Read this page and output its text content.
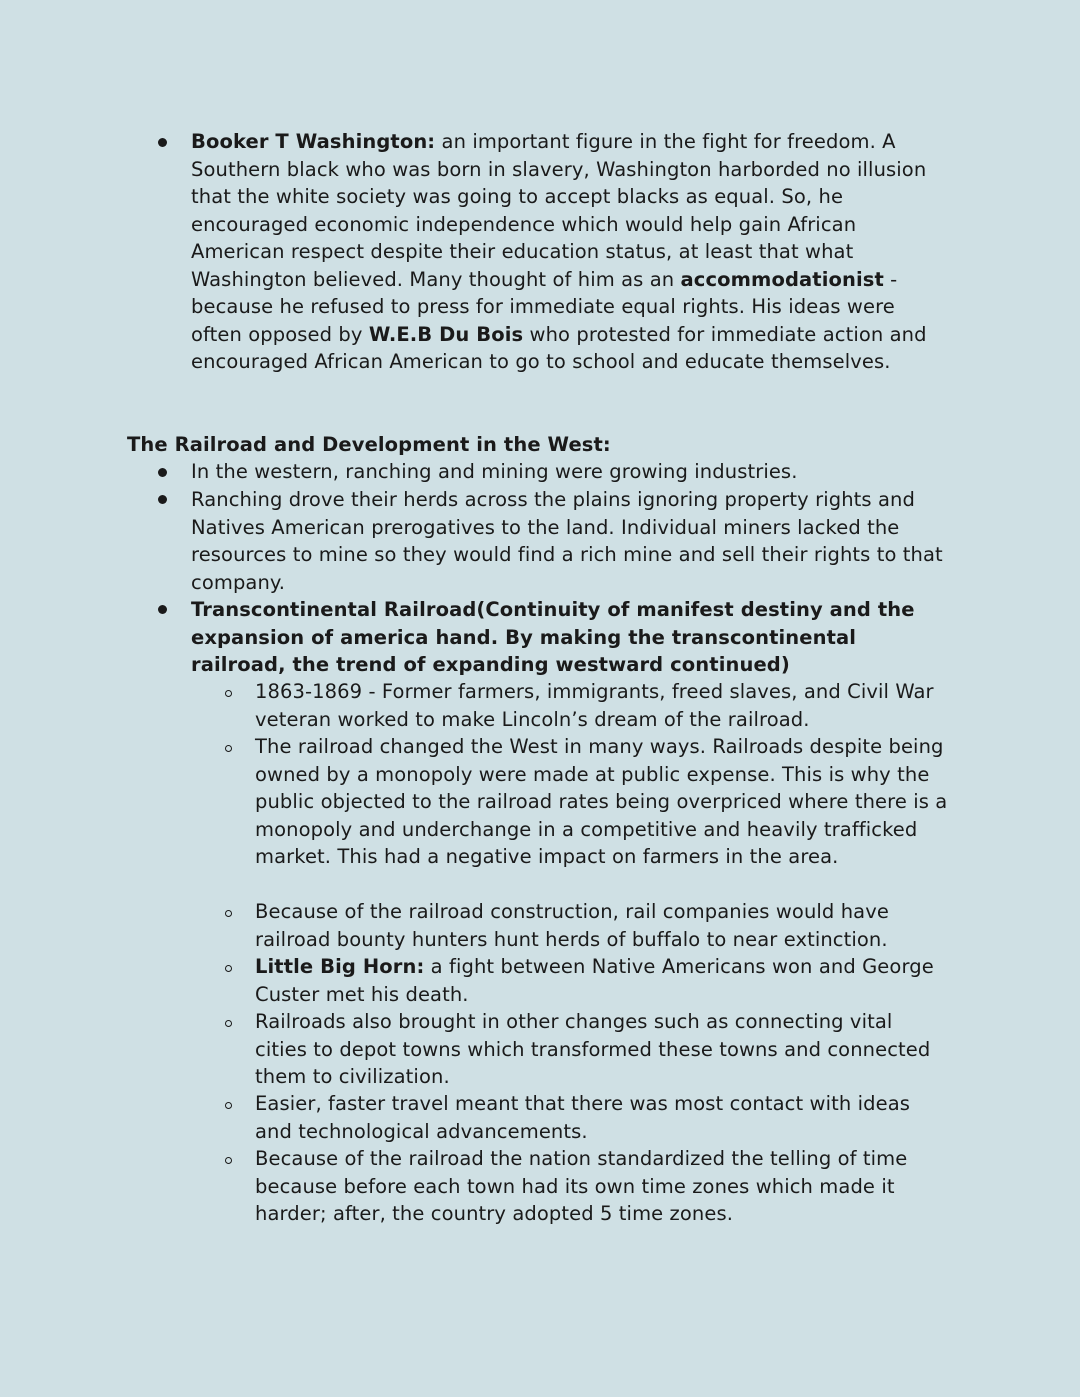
Booker T Washington: an important figure in the fight for freedom. A Southern black who was born in slavery, Washington harborded no illusion that the white society was going to accept blacks as equal. So, he encouraged economic independence which would help gain African American respect despite their education status, at least that what Washington believed. Many thought of him as an accommodationist - because he refused to press for immediate equal rights. His ideas were often opposed by W.E.B Du Bois who protested for immediate action and encouraged African American to go to school and educate themselves.
The Railroad and Development in the West:
In the western, ranching and mining were growing industries.
Ranching drove their herds across the plains ignoring property rights and Natives American prerogatives to the land. Individual miners lacked the resources to mine so they would find a rich mine and sell their rights to that company.
Transcontinental Railroad(Continuity of manifest destiny and the expansion of america hand. By making the transcontinental railroad, the trend of expanding westward continued)
1863-1869 - Former farmers, immigrants, freed slaves, and Civil War veteran worked to make Lincoln’s dream of the railroad.
The railroad changed the West in many ways. Railroads despite being owned by a monopoly were made at public expense. This is why the public objected to the railroad rates being overpriced where there is a monopoly and underchange in a competitive and heavily trafficked market. This had a negative impact on farmers in the area.
Because of the railroad construction, rail companies would have railroad bounty hunters hunt herds of buffalo to near extinction.
Little Big Horn: a fight between Native Americans won and George Custer met his death.
Railroads also brought in other changes such as connecting vital cities to depot towns which transformed these towns and connected them to civilization.
Easier, faster travel meant that there was most contact with ideas and technological advancements.
Because of the railroad the nation standardized the telling of time because before each town had its own time zones which made it harder; after, the country adopted 5 time zones.
